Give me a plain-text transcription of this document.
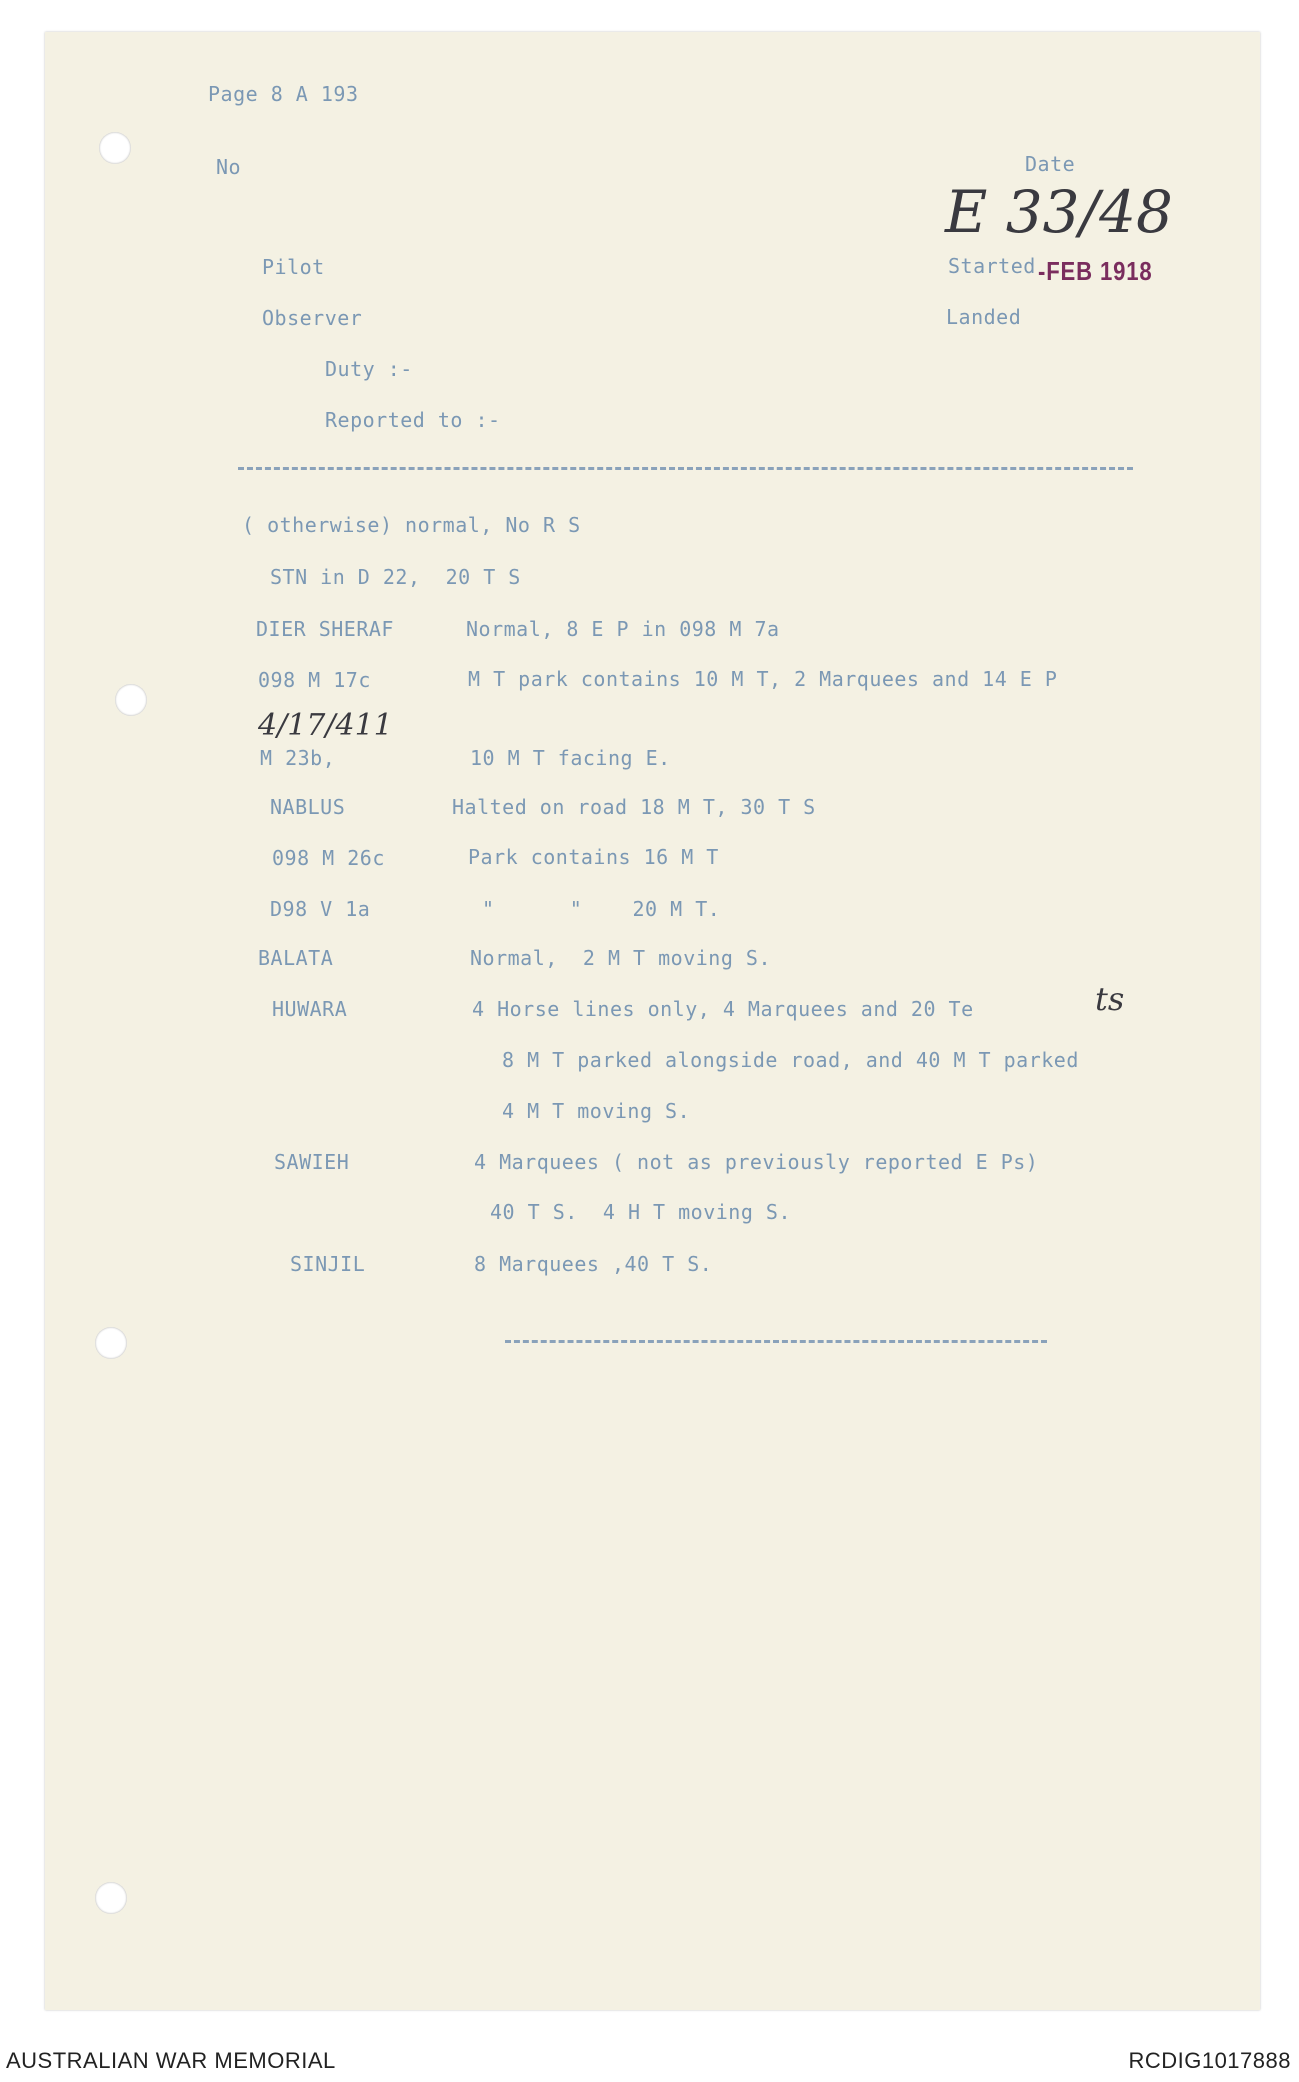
Page 8 A 193
No	Date
E 33/48
Pilot	Started -FEB 1918
Observer	Landed
Duty :-
Reported to :-
( otherwise) normal, No R S
STN in D 22,  20 T S
DIER SHERAF	Normal, 8 E P in 098 M 7a
098 M 17c	M T park contains 10 M T, 2 Marquees and 14 E P
4/17/411
M 23b,	10 M T facing E.
NABLUS	Halted on road 18 M T, 30 T S
098 M 26c	Park contains 16 M T
D98 V 1a	"      "    20 M T.
BALATA	Normal,  2 M T moving S.
HUWARA	4 Horse lines only, 4 Marquees and 20 Te	ts
8 M T parked alongside road, and 40 M T parked
4 M T moving S.
SAWIEH	4 Marquees ( not as previously reported E Ps)
40 T S.  4 H T moving S.
SINJIL	8 Marquees ,40 T S.
AUSTRALIAN WAR MEMORIAL	RCDIG1017888
